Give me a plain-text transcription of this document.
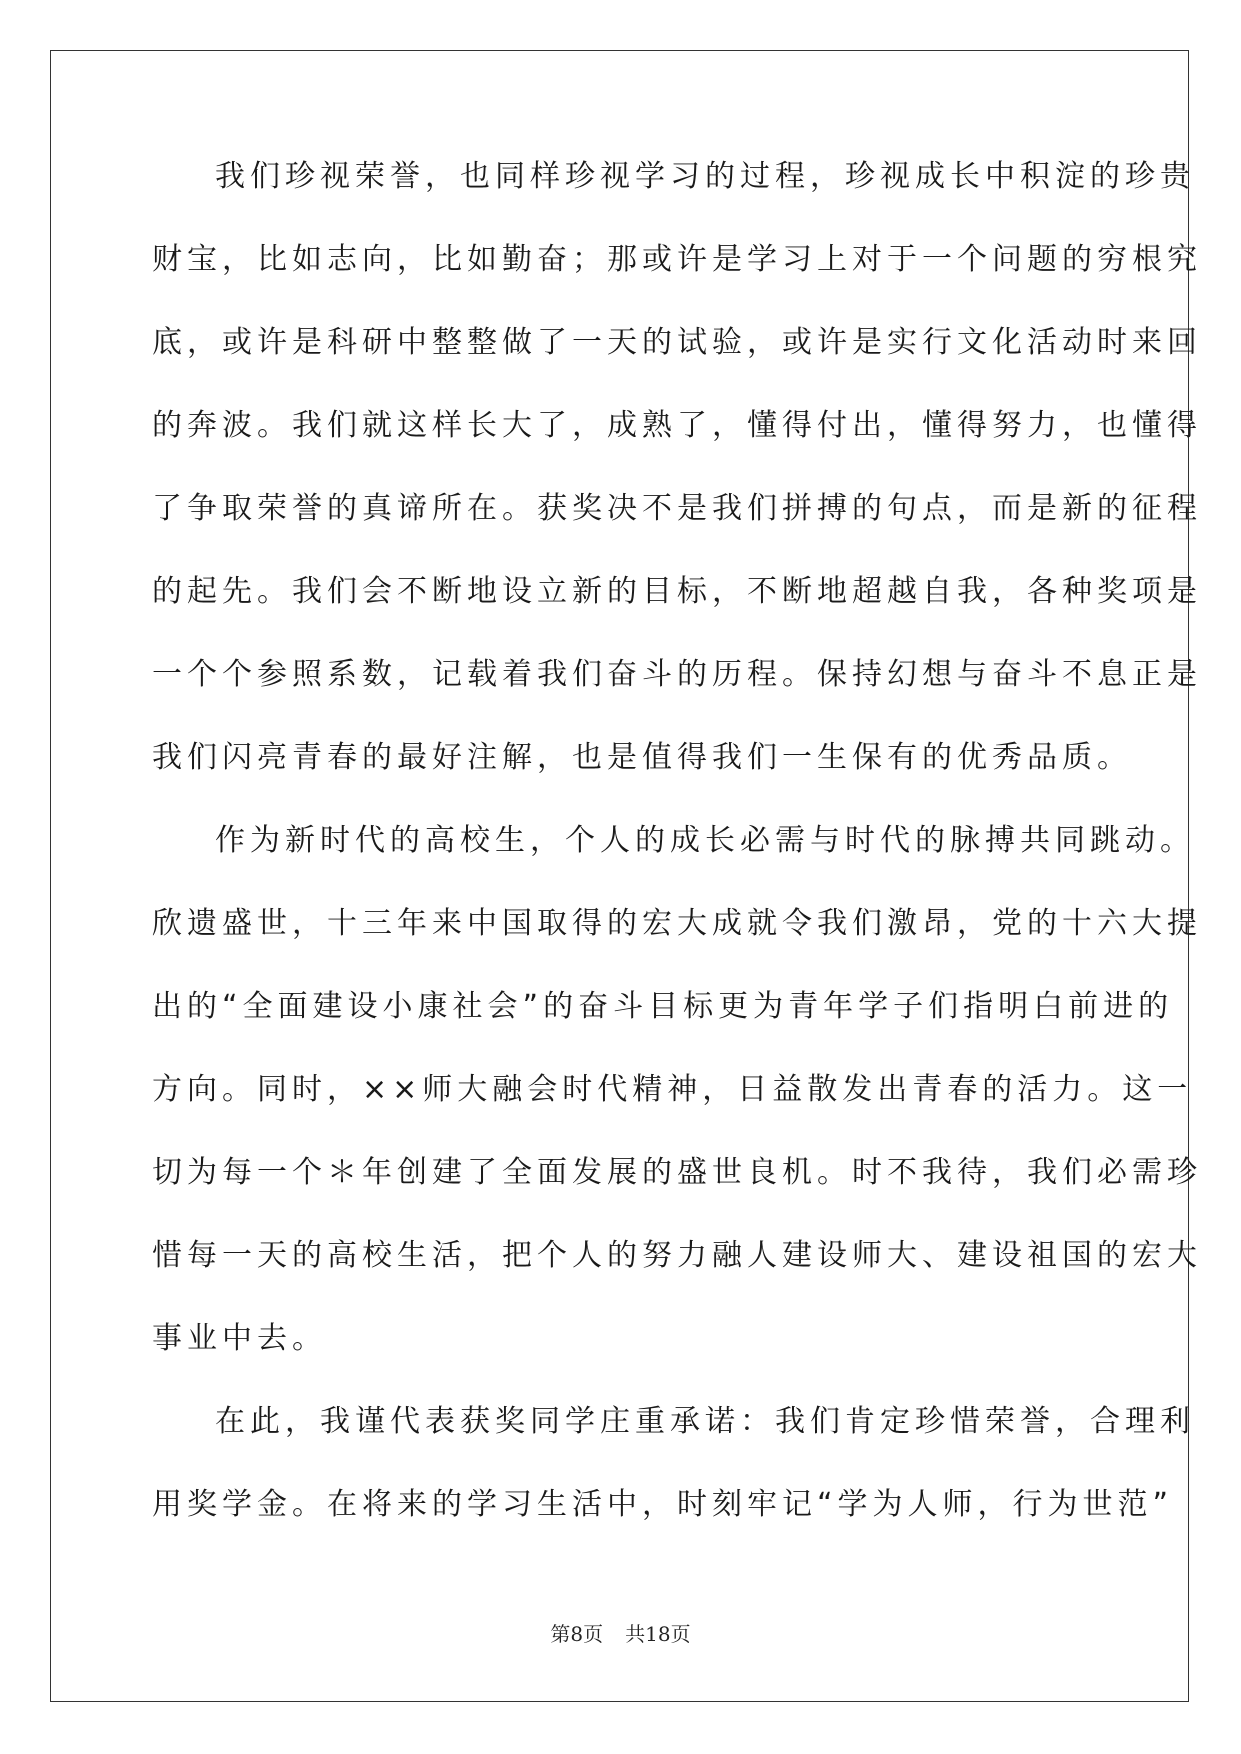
我们珍视荣誉，也同样珍视学习的过程，珍视成长中积淀的珍贵
财宝，比如志向，比如勤奋；那或许是学习上对于一个问题的穷根究
底，或许是科研中整整做了一天的试验，或许是实行文化活动时来回
的奔波。我们就这样长大了，成熟了，懂得付出，懂得努力，也懂得
了争取荣誉的真谛所在。获奖决不是我们拼搏的句点，而是新的征程
的起先。我们会不断地设立新的目标，不断地超越自我，各种奖项是
一个个参照系数，记载着我们奋斗的历程。保持幻想与奋斗不息正是
我们闪亮青春的最好注解，也是值得我们一生保有的优秀品质。
作为新时代的高校生，个人的成长必需与时代的脉搏共同跳动。
欣遗盛世，十三年来中国取得的宏大成就令我们激昂，党的十六大提
出的“全面建设小康社会”的奋斗目标更为青年学子们指明白前进的
方向。同时，××师大融会时代精神，日益散发出青春的活力。这一
切为每一个＊年创建了全面发展的盛世良机。时不我待，我们必需珍
惜每一天的高校生活，把个人的努力融人建设师大、建设祖国的宏大
事业中去。
在此，我谨代表获奖同学庄重承诺：我们肯定珍惜荣誉，合理利
用奖学金。在将来的学习生活中，时刻牢记“学为人师，行为世范”
第8页 共18页
